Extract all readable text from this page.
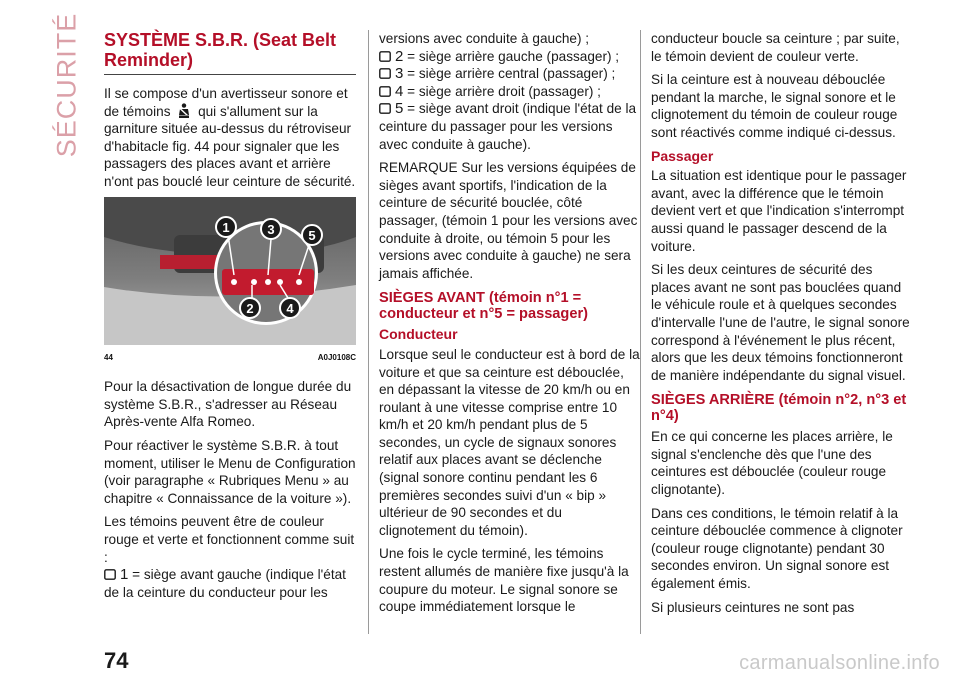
SÉCURITÉ SYSTÈME S.B.R. (Seat Belt Reminder)

Il se compose d'un avertisseur sonore et de témoins qui s'allument sur la garniture située au-dessus du rétroviseur d'habitacle fig. 44 pour signaler que les passagers des places avant et arrière n'ont pas bouclé leur ceinture de sécurité.

1
2
3
4
5
44	A0J0108C

Pour la désactivation de longue durée du système S.B.R., s'adresser au Réseau Après-vente Alfa Romeo.

Pour réactiver le système S.B.R. à tout moment, utiliser le Menu de Configuration (voir paragraphe « Rubriques Menu » au chapitre « Connaissance de la voiture »).

Les témoins peuvent être de couleur rouge et verte et fonctionnent comme suit :

1 = siège avant gauche (indique l'état de la ceinture du conducteur pour les
versions avec conduite à gauche) ;
2 = siège arrière gauche (passager) ;
3 = siège arrière central (passager) ;
4 = siège arrière droit (passager) ;
5 = siège avant droit (indique l'état de la ceinture du passager pour les versions avec conduite à gauche).

REMARQUE Sur les versions équipées de sièges avant sportifs, l'indication de la ceinture de sécurité bouclée, côté passager, (témoin 1 pour les versions avec conduite à droite, ou témoin 5 pour les versions avec conduite à gauche) ne sera jamais affichée.

SIÈGES AVANT (témoin n°1 = conducteur et n°5 = passager)
Conducteur

Lorsque seul le conducteur est à bord de la voiture et que sa ceinture est débouclée, en dépassant la vitesse de 20 km/h ou en roulant à une vitesse comprise entre 10 km/h et 20 km/h pendant plus de 5 secondes, un cycle de signaux sonores relatif aux places avant se déclenche (signal sonore continu pendant les 6 premières secondes suivi d'un « bip » ultérieur de 90 secondes et du clignotement du témoin).

Une fois le cycle terminé, les témoins restent allumés de manière fixe jusqu'à la coupure du moteur. Le signal sonore se coupe immédiatement lorsque le

conducteur boucle sa ceinture ; par suite, le témoin devient de couleur verte.

Si la ceinture est à nouveau débouclée pendant la marche, le signal sonore et le clignotement du témoin de couleur rouge sont réactivés comme indiqué ci-dessus.

Passager

La situation est identique pour le passager avant, avec la différence que le témoin devient vert et que l'indication s'interrompt aussi quand le passager descend de la voiture.

Si les deux ceintures de sécurité des places avant ne sont pas bouclées quand le véhicule roule et à quelques secondes d'intervalle l'une de l'autre, le signal sonore correspond à l'événement le plus récent, alors que les deux témoins fonctionneront de manière indépendante du signal visuel.

SIÈGES ARRIÈRE (témoin n°2, n°3 et n°4)

En ce qui concerne les places arrière, le signal s'enclenche dès que l'une des ceintures est débouclée (couleur rouge clignotante).

Dans ces conditions, le témoin relatif à la ceinture débouclée commence à clignoter (couleur rouge clignotante) pendant 30 secondes environ. Un signal sonore est également émis.

Si plusieurs ceintures ne sont pas

74	carmanualsonline.info
